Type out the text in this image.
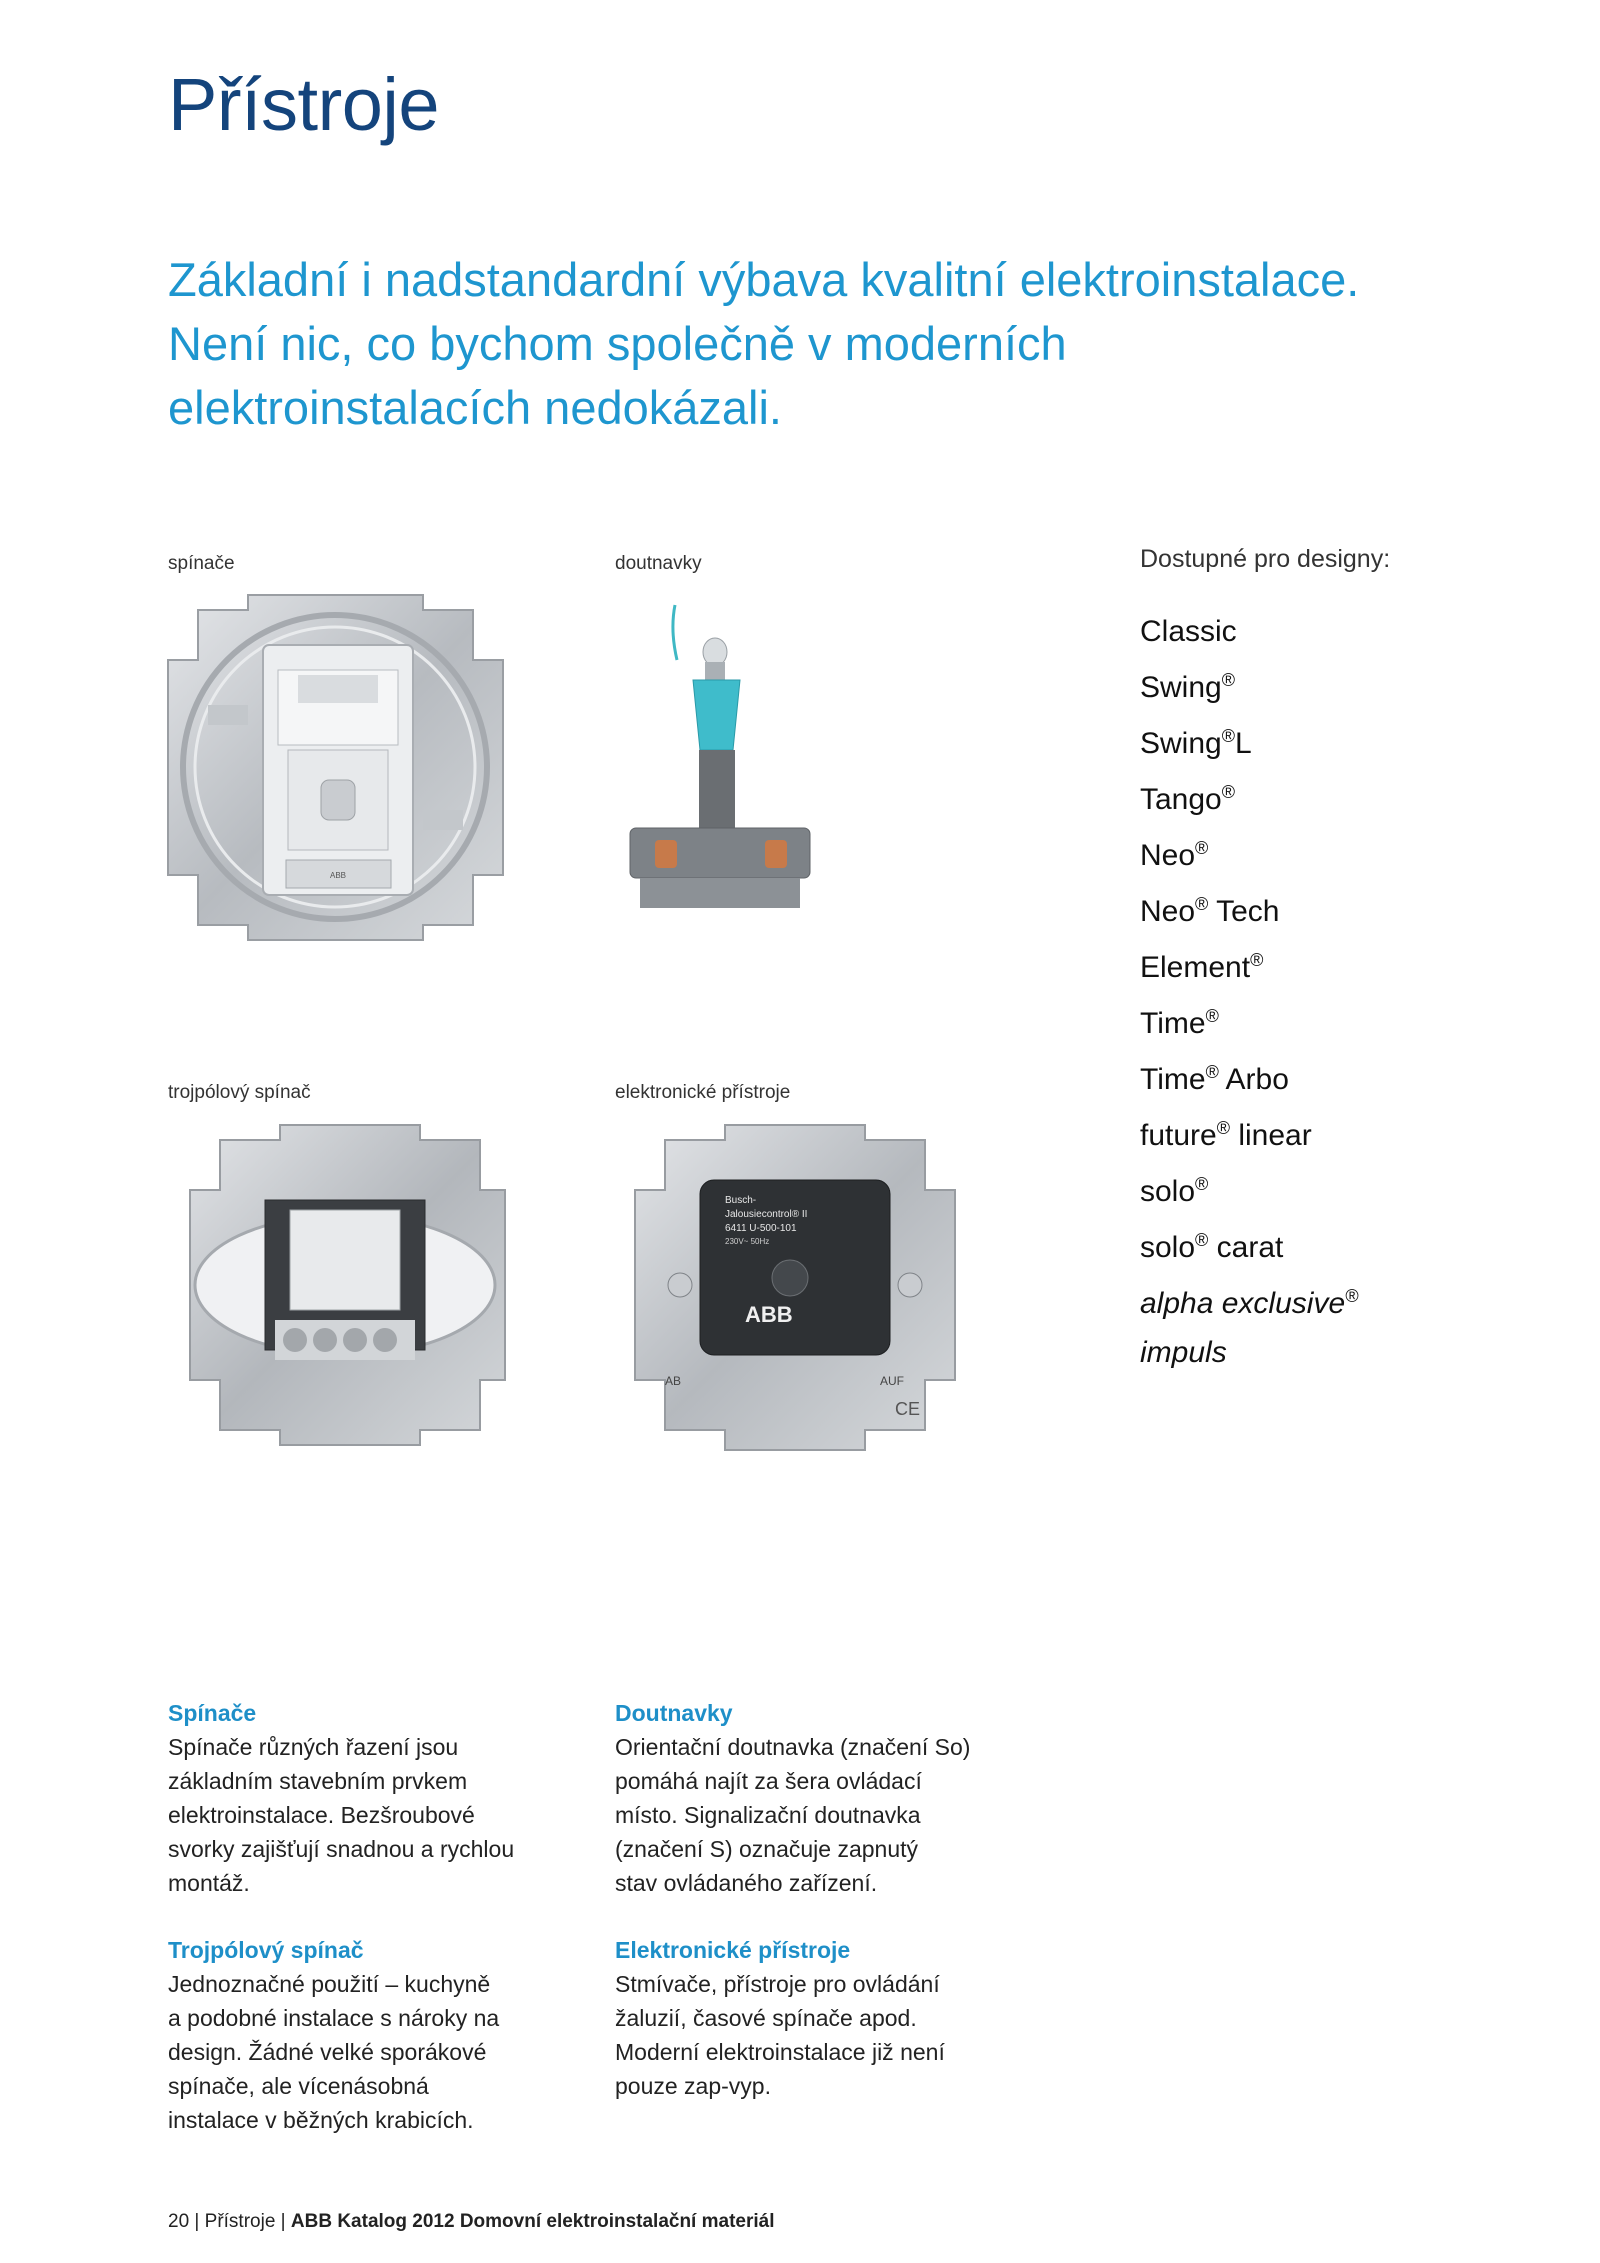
Přístroje
Základní i nadstandardní výbava kvalitní elektroinstalace.
Není nic, co bychom společně v moderních
elektroinstalacích nedokázali.
spínače	doutnavky
trojpólový spínač	elektronické přístroje
ABB
Busch-
Jalousiecontrol® II
6411 U-500-101
230V~ 50Hz
ABB
AB	AUF
CE
Dostupné pro designy:
Classic
Swing®
Swing®L
Tango®
Neo®
Neo® Tech
Element®
Time®
Time® Arbo
future® linear
solo®
solo® carat
alpha exclusive®
impuls
Spínače

Spínače různých řazení jsou

základním stavebním prvkem

elektroinstalace. Bezšroubové

svorky zajišťují snadnou a rychlou

montáž.

Doutnavky

Orientační doutnavka (značení So)

pomáhá najít za šera ovládací

místo. Signalizační doutnavka

(značení S) označuje zapnutý

stav ovládaného zařízení.

Trojpólový spínač

Jednoznačné použití – kuchyně

a podobné instalace s nároky na

design. Žádné velké sporákové

spínače, ale vícenásobná

instalace v běžných krabicích.

Elektronické přístroje

Stmívače, přístroje pro ovládání

žaluzií, časové spínače apod.

Moderní elektroinstalace již není

pouze zap-vyp.

20 | Přístroje | ABB Katalog 2012 Domovní elektroinstalační materiál
